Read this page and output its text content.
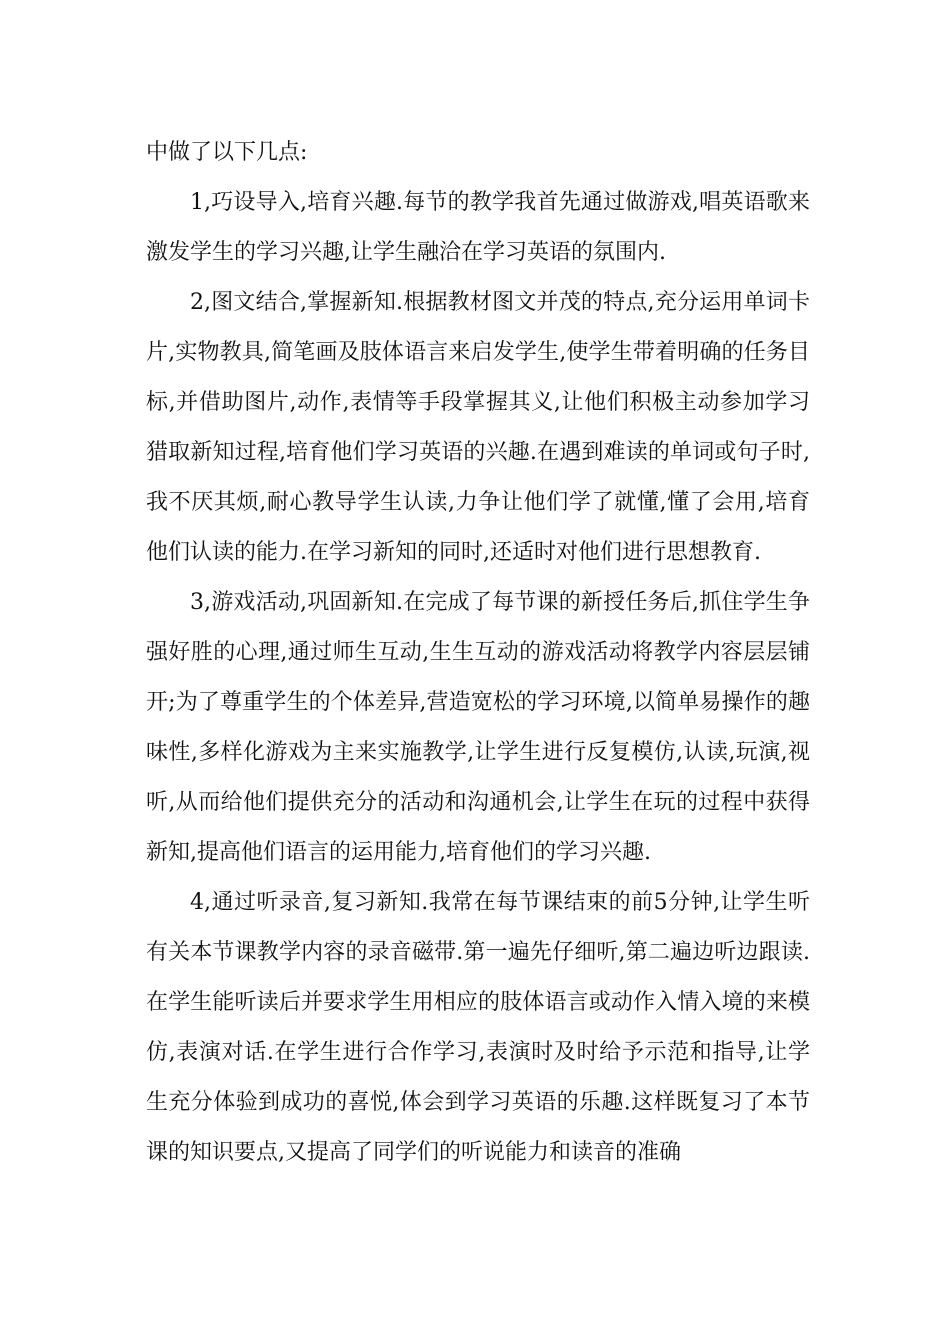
中做了以下几点:

1,巧设导入,培育兴趣.每节的教学我首先通过做游戏,唱英语歌来激发学生的学习兴趣,让学生融洽在学习英语的氛围内.

2,图文结合,掌握新知.根据教材图文并茂的特点,充分运用单词卡片,实物教具,简笔画及肢体语言来启发学生,使学生带着明确的任务目标,并借助图片,动作,表情等手段掌握其义,让他们积极主动参加学习猎取新知过程,培育他们学习英语的兴趣.在遇到难读的单词或句子时,我不厌其烦,耐心教导学生认读,力争让他们学了就懂,懂了会用,培育他们认读的能力.在学习新知的同时,还适时对他们进行思想教育.

3,游戏活动,巩固新知.在完成了每节课的新授任务后,抓住学生争强好胜的心理,通过师生互动,生生互动的游戏活动将教学内容层层铺开;为了尊重学生的个体差异,营造宽松的学习环境,以简单易操作的趣味性,多样化游戏为主来实施教学,让学生进行反复模仿,认读,玩演,视听,从而给他们提供充分的活动和沟通机会,让学生在玩的过程中获得新知,提高他们语言的运用能力,培育他们的学习兴趣.

4,通过听录音,复习新知.我常在每节课结束的前5分钟,让学生听有关本节课教学内容的录音磁带.第一遍先仔细听,第二遍边听边跟读.在学生能听读后并要求学生用相应的肢体语言或动作入情入境的来模仿,表演对话.在学生进行合作学习,表演时及时给予示范和指导,让学生充分体验到成功的喜悦,体会到学习英语的乐趣.这样既复习了本节课的知识要点,又提高了同学们的听说能力和读音的准确
